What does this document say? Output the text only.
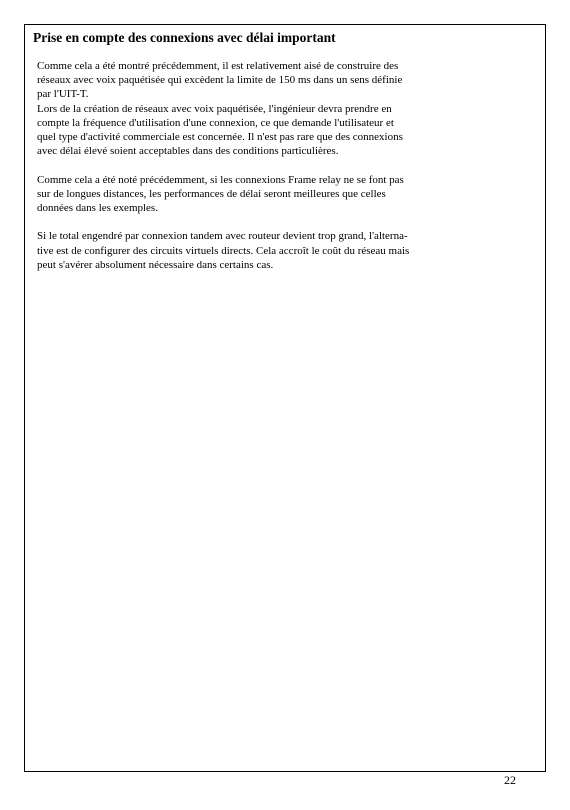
Prise en compte des connexions avec délai important

Comme cela a été montré précédemment, il est relativement aisé de construire des
réseaux avec voix paquétisée qui excèdent la limite de 150 ms dans un sens définie
par l'UIT-T.
Lors de la création de réseaux avec voix paquétisée, l'ingénieur devra prendre en
compte la fréquence d'utilisation d'une connexion, ce que demande l'utilisateur et
quel type d'activité commerciale est concernée. Il n'est pas rare que des connexions
avec délai élevé soient acceptables dans des conditions particulières.

Comme cela a été noté précédemment, si les connexions Frame relay ne se font pas
sur de longues distances, les performances de délai seront meilleures que celles
données dans les exemples.

Si le total engendré par connexion tandem avec routeur devient trop grand, l'alterna-
tive est de configurer des circuits virtuels directs. Cela accroît le coût du réseau mais
peut s'avérer absolument nécessaire dans certains cas.

22
